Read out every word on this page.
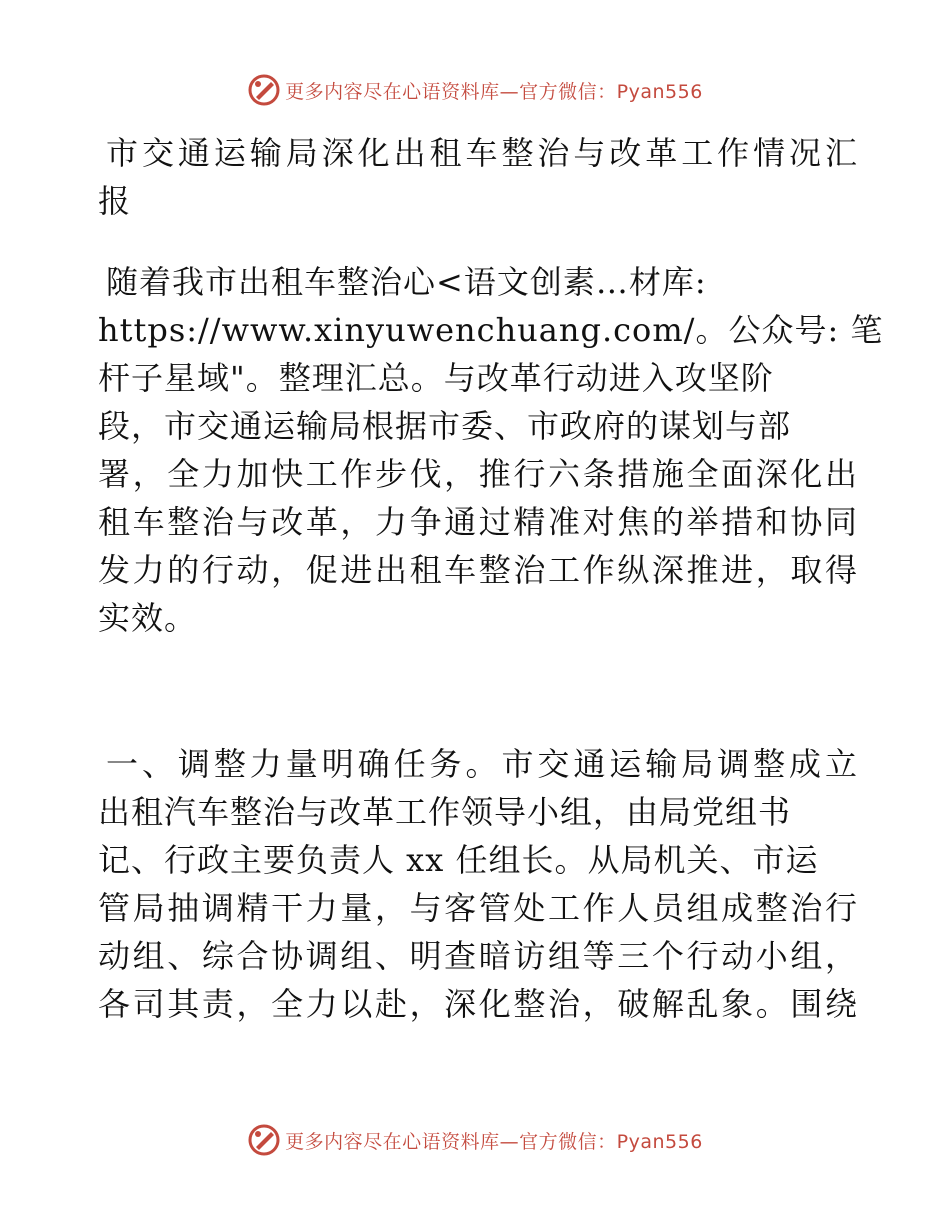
更多内容尽在心语资料库—官方微信：Pyan556
市交通运输局深化出租车整治与改革工作情况汇
报
随着我市出租车整治心<语文创素…材库:
https://www.xinyuwenchuang.com/。公众号: 笔
杆子星域"。整理汇总。与改革行动进入攻坚阶
段，市交通运输局根据市委、市政府的谋划与部
署，全力加快工作步伐，推行六条措施全面深化出
租车整治与改革，力争通过精准对焦的举措和协同
发力的行动，促进出租车整治工作纵深推进，取得
实效。
一、调整力量明确任务。市交通运输局调整成立
出租汽车整治与改革工作领导小组，由局党组书
记、行政主要负责人 xx 任组长。从局机关、市运
管局抽调精干力量，与客管处工作人员组成整治行
动组、综合协调组、明查暗访组等三个行动小组，
各司其责，全力以赴，深化整治，破解乱象。围绕
更多内容尽在心语资料库—官方微信：Pyan556
